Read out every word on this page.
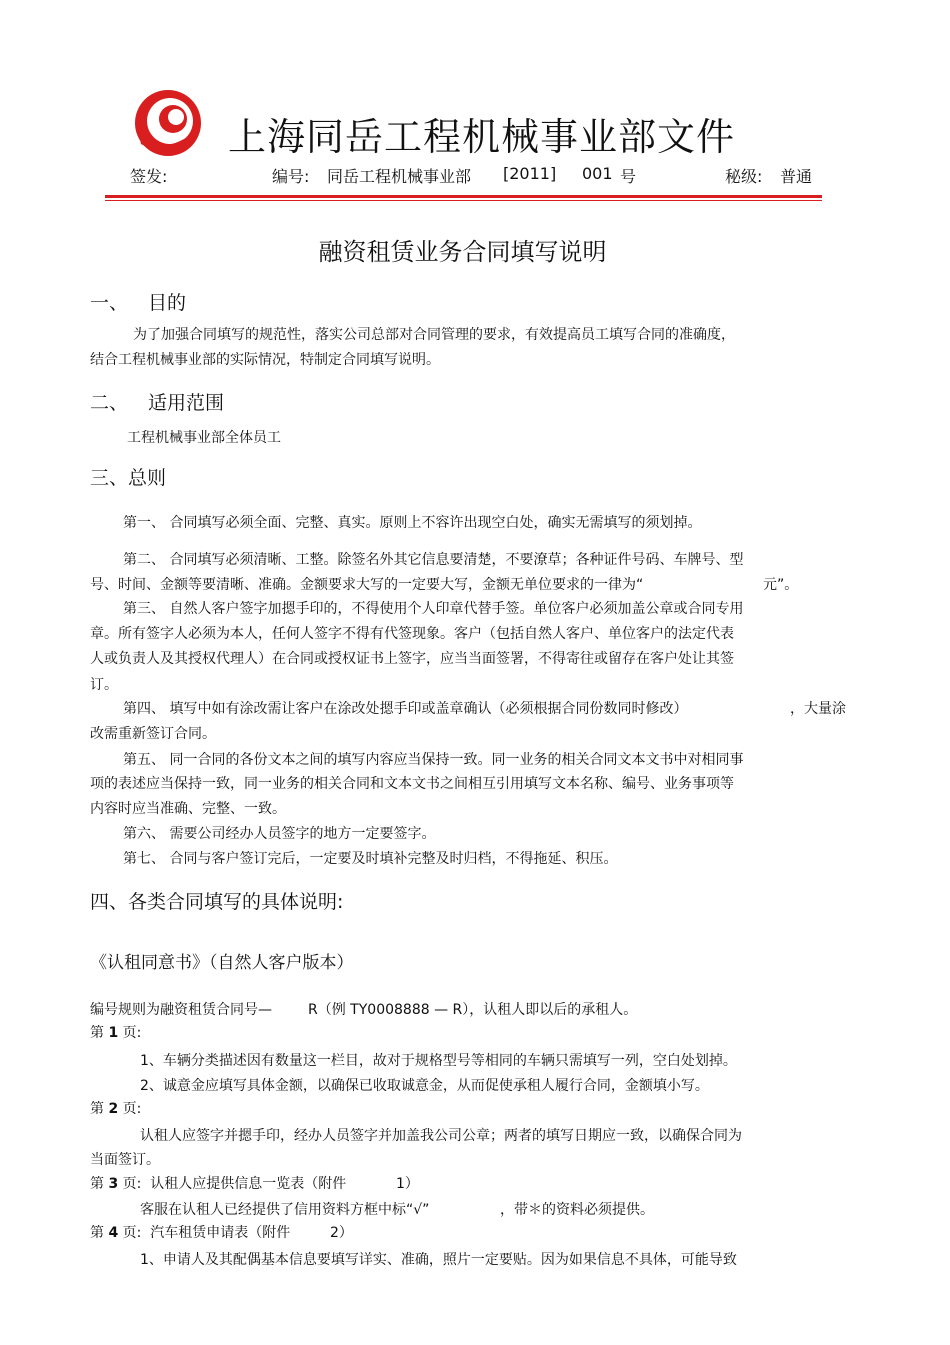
上海同岳工程机械事业部文件
签发:	编号: 同岳工程机械事业部 [2011] 001 号	秘级: 普通
融资租赁业务合同填写说明
一、 目的
为了加强合同填写的规范性，落实公司总部对合同管理的要求，有效提高员工填写合同的准确度，
结合工程机械事业部的实际情况，特制定合同填写说明。
二、 适用范围
工程机械事业部全体员工
三、总则
第一、 合同填写必须全面、完整、真实。原则上不容许出现空白处，确实无需填写的须划掉。
第二、 合同填写必须清晰、工整。除签名外其它信息要清楚，不要潦草；各种证件号码、车牌号、型
号、时间、金额等要清晰、准确。金额要求大写的一定要大写，金额无单位要求的一律为“	元”。
第三、 自然人客户签字加摁手印的，不得使用个人印章代替手签。单位客户必须加盖公章或合同专用
章。所有签字人必须为本人，任何人签字不得有代签现象。客户（包括自然人客户、单位客户的法定代表
人或负责人及其授权代理人）在合同或授权证书上签字，应当当面签署，不得寄往或留存在客户处让其签
订。
第四、 填写中如有涂改需让客户在涂改处摁手印或盖章确认（必须根据合同份数同时修改）	，大量涂
改需重新签订合同。
第五、 同一合同的各份文本之间的填写内容应当保持一致。同一业务的相关合同文本文书中对相同事
项的表述应当保持一致，同一业务的相关合同和文本文书之间相互引用填写文本名称、编号、业务事项等
内容时应当准确、完整、一致。
第六、 需要公司经办人员签字的地方一定要签字。
第七、 合同与客户签订完后，一定要及时填补完整及时归档，不得拖延、积压。
四、各类合同填写的具体说明:
《认租同意书》（自然人客户版本）
编号规则为融资租赁合同号—	R（例 TY0008888 — R），认租人即以后的承租人。
第 1 页:
1、车辆分类描述因有数量这一栏目，故对于规格型号等相同的车辆只需填写一列，空白处划掉。
2、诚意金应填写具体金额，以确保已收取诚意金，从而促使承租人履行合同，金额填小写。
第 2 页:
认租人应签字并摁手印，经办人员签字并加盖我公司公章；两者的填写日期应一致，以确保合同为
当面签订。
第 3 页: 认租人应提供信息一览表（附件	1）
客服在认租人已经提供了信用资料方框中标“√”	，带＊的资料必须提供。
第 4 页: 汽车租赁申请表（附件	2）
1、申请人及其配偶基本信息要填写详实、准确，照片一定要贴。因为如果信息不具体，可能导致
